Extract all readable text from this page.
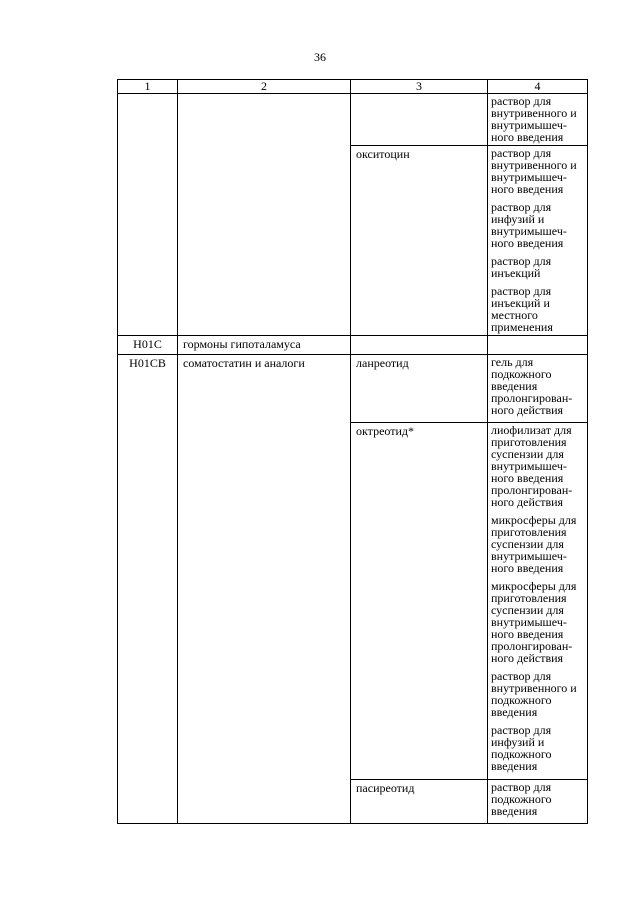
36
1	2	3	4

			раствор для внутривенного и внутримышеч-ного введения

		окситоцин	раствор для внутривенного и внутримышеч-ного введения
раствор для инфузий и внутримышеч-ного введения
раствор для инъекций
раствор для инъекций и местного применения

H01C	гормоны гипоталамуса		
H01CB	соматостатин и аналоги	ланреотид	гель для подкожного введения пролонгирован-ного действия

		октреотид*	лиофилизат для приготовления суспензии для внутримышеч-ного введения пролонгирован-ного действия
микросферы для приготовления суспензии для внутримышеч-ного введения
микросферы для приготовления суспензии для внутримышеч-ного введения пролонгирован-ного действия
раствор для внутривенного и подкожного введения
раствор для инфузий и подкожного введения

		пасиреотид	раствор для подкожного введения
